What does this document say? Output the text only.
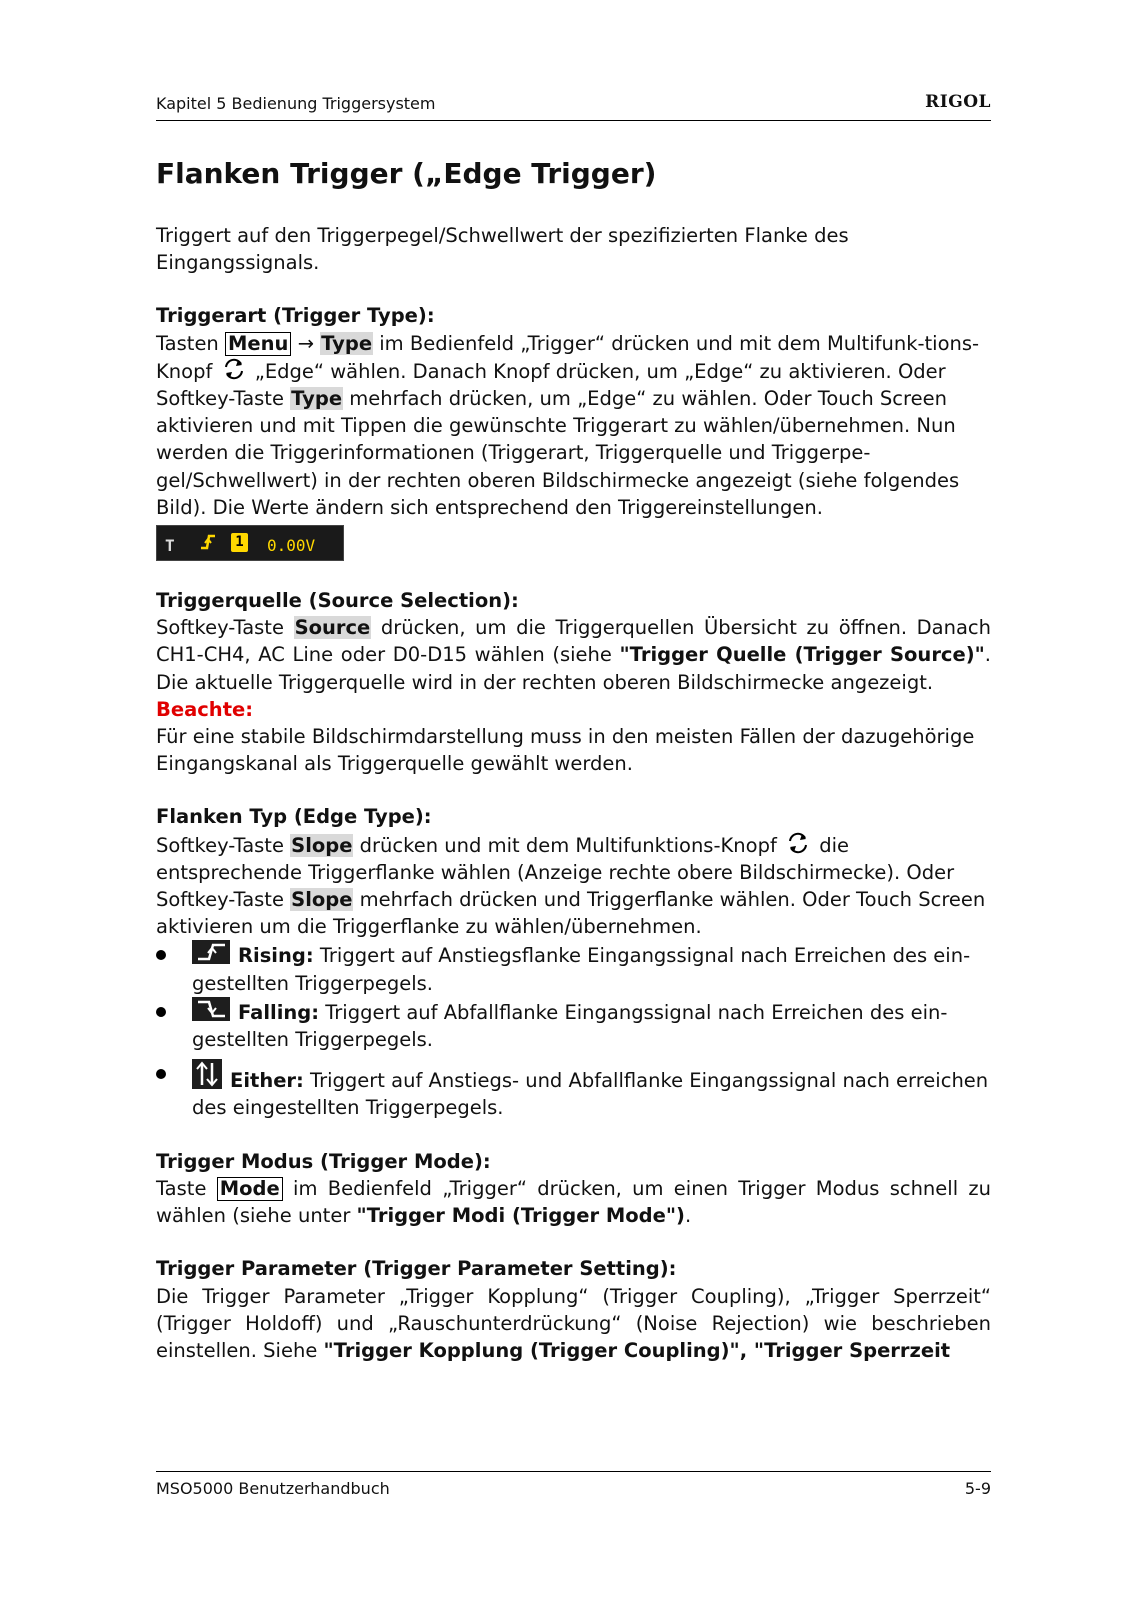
Kapitel 5 Bedienung Triggersystem	RIGOL
Flanken Trigger („Edge Trigger)

Triggert auf den Triggerpegel/Schwellwert der spezifizierten Flanke des Eingangssignals.

Triggerart (Trigger Type):

Tasten Menu → Type im Bedienfeld „Trigger“ drücken und mit dem Multifunk-tions-Knopf  „Edge“ wählen. Danach Knopf drücken, um „Edge“ zu aktivieren. Oder Softkey-Taste Type mehrfach drücken, um „Edge“ zu wählen. Oder Touch Screen aktivieren und mit Tippen die gewünschte Triggerart zu wählen/übernehmen. Nun werden die Triggerinformationen (Triggerart, Triggerquelle und Triggerpe-gel/Schwellwert) in der rechten oberen Bildschirmecke angezeigt (siehe folgendes Bild). Die Werte ändern sich entsprechend den Triggereinstellungen.

T	1 0.00V

Triggerquelle (Source Selection):

Softkey-Taste Source drücken, um die Triggerquellen Übersicht zu öffnen. Danach CH1-CH4, AC Line oder D0-D15 wählen (siehe "Trigger Quelle (Trigger Source)". Die aktuelle Triggerquelle wird in der rechten oberen Bildschirmecke angezeigt.

Beachte:

Für eine stabile Bildschirmdarstellung muss in den meisten Fällen der dazugehörige Eingangskanal als Triggerquelle gewählt werden.

Flanken Typ (Edge Type):

Softkey-Taste Slope drücken und mit dem Multifunktions-Knopf  die entsprechende Triggerflanke wählen (Anzeige rechte obere Bildschirmecke). Oder Softkey-Taste Slope mehrfach drücken und Triggerflanke wählen. Oder Touch Screen aktivieren um die Triggerflanke zu wählen/übernehmen.

Rising: Triggert auf Anstiegsflanke Eingangssignal nach Erreichen des ein-gestellten Triggerpegels.
Falling: Triggert auf Abfallflanke Eingangssignal nach Erreichen des ein-gestellten Triggerpegels.
Either: Triggert auf Anstiegs- und Abfallflanke Eingangssignal nach erreichen des eingestellten Triggerpegels.

Trigger Modus (Trigger Mode):

Taste Mode im Bedienfeld „Trigger“ drücken, um einen Trigger Modus schnell zu wählen (siehe unter "Trigger Modi (Trigger Mode").

Trigger Parameter (Trigger Parameter Setting):

Die Trigger Parameter „Trigger Kopplung“ (Trigger Coupling), „Trigger Sperrzeit“ (Trigger Holdoff) und „Rauschunterdrückung“ (Noise Rejection) wie beschrieben einstellen. Siehe "Trigger Kopplung (Trigger Coupling)", "Trigger Sperrzeit

MSO5000 Benutzerhandbuch	5-9
